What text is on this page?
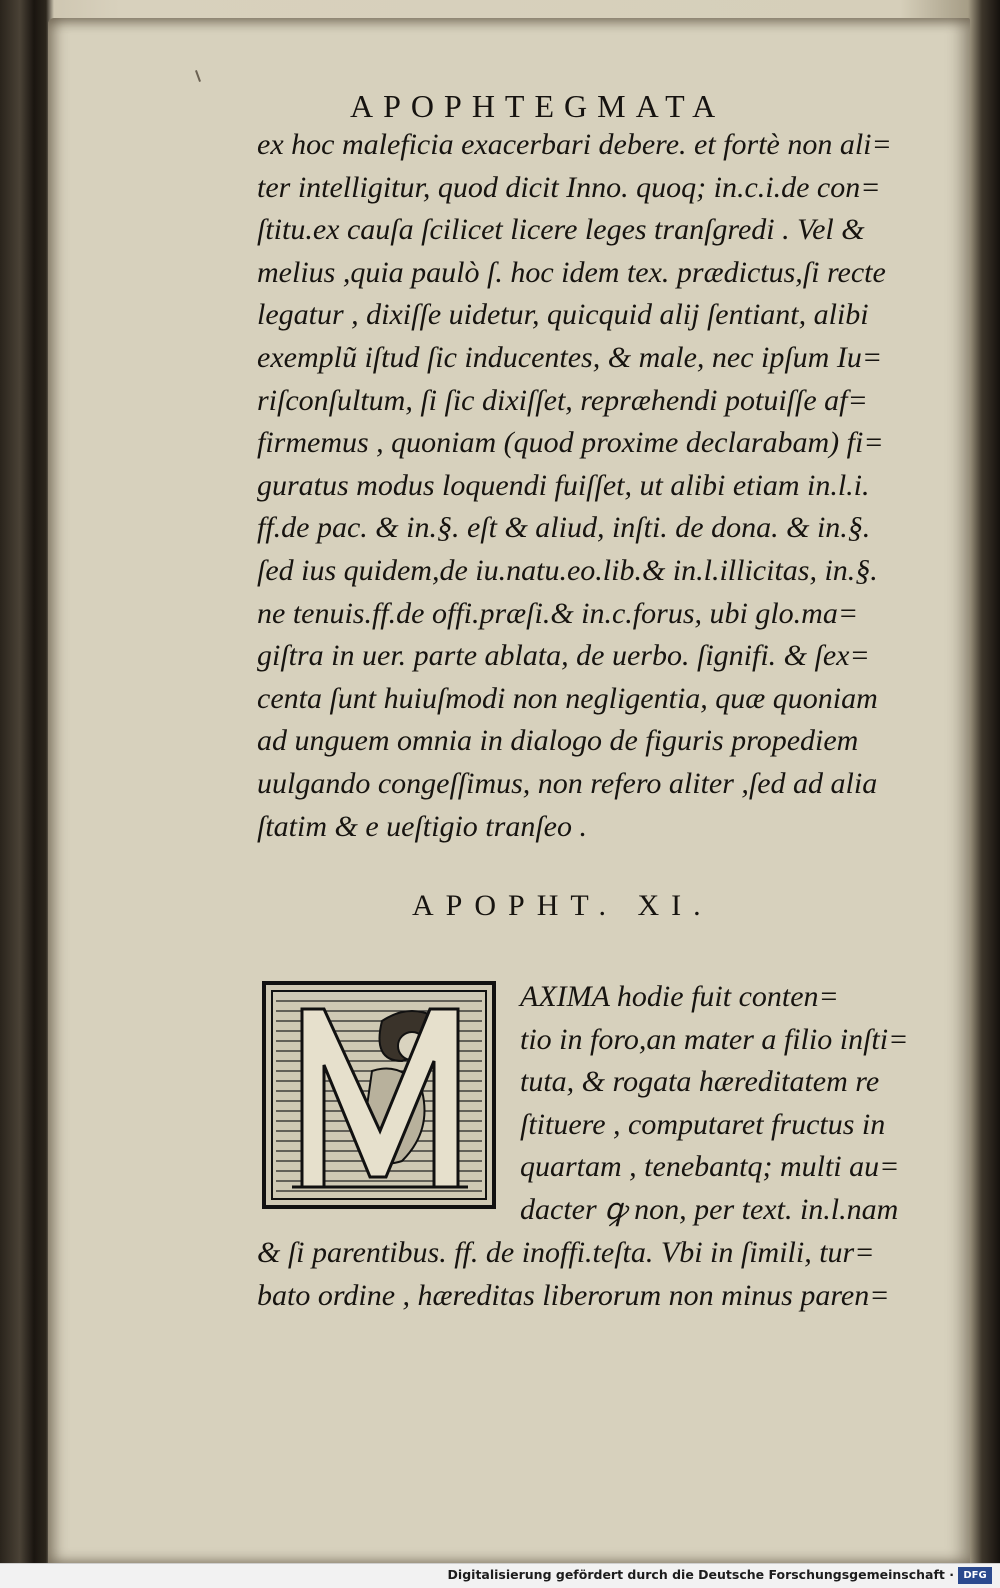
APOPHTEGMATA
ex hoc maleficia exacerbari debere. et fortè non ali=
ter intelligitur, quod dicit Inno. quoq; in.c.i.de con=
ſtitu.ex cauſa ſcilicet licere leges tranſgredi . Vel &
melius ,quia paulò ſ. hoc idem tex. prædictus,ſi recte
legatur , dixiſſe uidetur, quicquid alij ſentiant, alibi
exemplũ iſtud ſic inducentes, & male, nec ipſum Iu=
riſconſultum, ſi ſic dixiſſet, repræhendi potuiſſe af=
firmemus , quoniam (quod proxime declarabam) fi=
guratus modus loquendi fuiſſet, ut alibi etiam in.l.i.
ff.de pac. & in.§. eſt & aliud, inſti. de dona. & in.§.
ſed ius quidem,de iu.natu.eo.lib.& in.l.illicitas, in.§.
ne tenuis.ff.de offi.præſi.& in.c.forus, ubi glo.ma=
giſtra in uer. parte ablata, de uerbo. ſignifi. & ſex=
centa ſunt huiuſmodi non negligentia, quæ quoniam
ad unguem omnia in dialogo de figuris propediem
uulgando congeſſimus, non refero aliter ,ſed ad alia
ſtatim & e ueſtigio tranſeo .
APOPHT. XI.
AXIMA hodie fuit conten=
tio in foro,an mater a filio inſti=
tuta, & rogata hæreditatem re
ſtituere , computaret fructus in
quartam , tenebantq; multi au=
dacter ꝙ non, per text. in.l.nam
& ſi parentibus. ff. de inoffi.teſta. Vbi in ſimili, tur=
bato ordine , hæreditas liberorum non minus paren=
Digitalisierung gefördert durch die Deutsche Forschungsgemeinschaft · DFG
